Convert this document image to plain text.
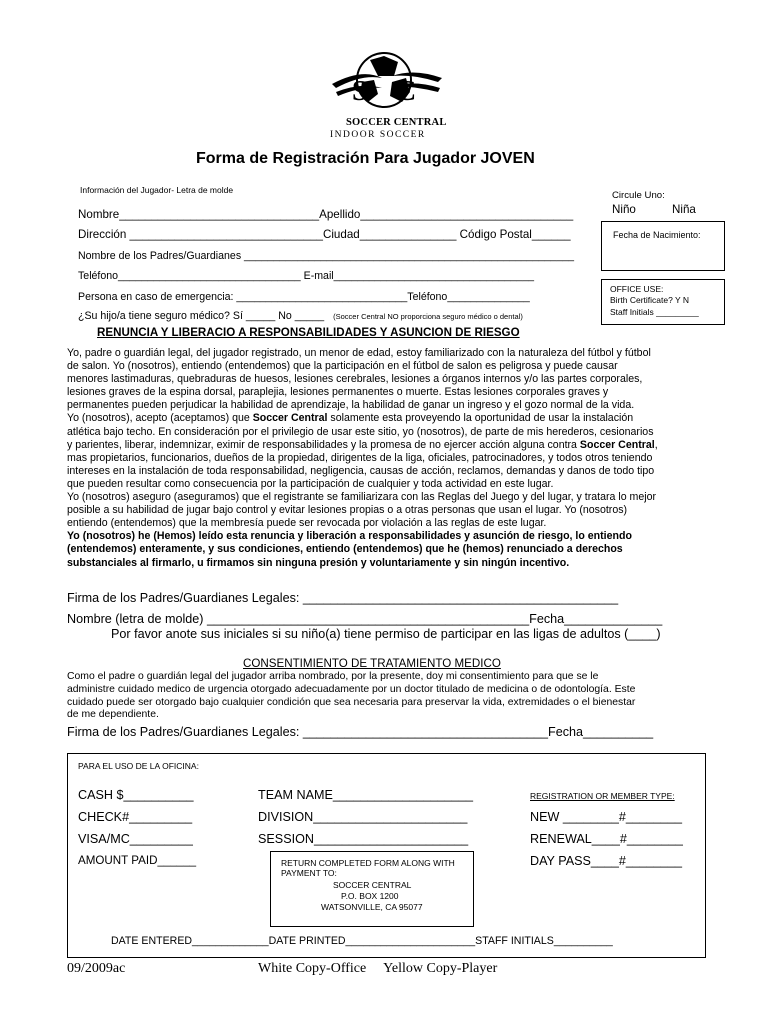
S C
SOCCER CENTRAL
INDOOR SOCCER
Forma de Registración Para Jugador JOVEN
Información del Jugador- Letra de molde
Nombre_______________________________Apellido_________________________________
Dirección ______________________________Ciudad_______________ Código Postal______
Nombre de los Padres/Guardianes ________________________________________________________
Teléfono_______________________________ E-mail__________________________________
Persona en caso de emergencia: _____________________________Teléfono______________
¿Su hijo/a tiene seguro médico? Sí _____ No _____ (Soccer Central NO proporciona seguro médico o dental)
Circule Uno:
Niño	Niña
Fecha de Nacimiento:
OFFICE USE:
Birth Certificate? Y N
Staff Initials _________
RENUNCIA Y LIBERACIO A RESPONSABILIDADES Y ASUNCION DE RIESGO

Yo, padre o guardián legal, del jugador registrado, un menor de edad, estoy familiarizado con la naturaleza del fútbol y fútbol

de salon. Yo (nosotros), entiendo (entendemos) que la participación en el fútbol de salon es peligrosa y puede causar

menores lastimaduras, quebraduras de huesos, lesiones cerebrales, lesiones a órganos internos y/o las partes corporales,

lesiones graves de la espina dorsal, paraplejia, lesiones permanentes o muerte. Estas lesiones corporales graves y

permanentes pueden perjudicar la habilidad de aprendizaje, la habilidad de ganar un ingreso y el gozo normal de la vida.

Yo (nosotros), acepto (aceptamos) que Soccer Central solamente esta proveyendo la oportunidad de usar la instalación

atlética bajo techo. En consideración por el privilegio de usar este sitio, yo (nosotros), de parte de mis herederos, cesionarios

y parientes, liberar, indemnizar, eximir de responsabilidades y la promesa de no ejercer acción alguna contra Soccer Central,

mas propietarios, funcionarios, dueños de la propiedad, dirigentes de la liga, oficiales, patrocinadores, y todos otros teniendo

intereses en la instalación de toda responsabilidad, negligencia, causas de acción, reclamos, demandas y danos de todo tipo

que pueden resultar como consecuencia por la participación de cualquier y toda actividad en este lugar.

Yo (nosotros) aseguro (aseguramos) que el registrante se familiarizara con las Reglas del Juego y del lugar, y tratara lo mejor

posible a su habilidad de jugar bajo control y evitar lesiones propias o a otras personas que usan el lugar. Yo (nosotros)

entiendo (entendemos) que la membresía puede ser revocada por violación a las reglas de este lugar.

Yo (nosotros) he (Hemos) leído esta renuncia y liberación a responsabilidades y asunción de riesgo, lo entiendo

(entendemos) enteramente, y sus condiciones, entiendo (entendemos) que he (hemos) renunciado a derechos

substanciales al firmarlo, u firmamos sin ninguna presión y voluntariamente y sin ningún incentivo.

Firma de los Padres/Guardianes Legales: _____________________________________________
Nombre (letra de molde) ______________________________________________Fecha______________
Por favor anote sus iniciales si su niño(a) tiene permiso de participar en las ligas de adultos (____)
CONSENTIMIENTO DE TRATAMIENTO MEDICO

Como el padre o guardián legal del jugador arriba nombrado, por la presente, doy mi consentimiento para que se le

administre cuidado medico de urgencia otorgado adecuadamente por un doctor titulado de medicina o de odontología. Este

cuidado puede ser otorgado bajo cualquier condición que sea necesaria para preservar la vida, extremidades o el bienestar

de me dependiente.

Firma de los Padres/Guardianes Legales: ___________________________________Fecha__________
PARA EL USO DE LA OFICINA:
CASH $__________
CHECK#_________
VISA/MC_________
AMOUNT PAID______
TEAM NAME____________________
DIVISION______________________
SESSION______________________
REGISTRATION OR MEMBER TYPE:
NEW ________#________
RENEWAL____#________
DAY PASS____#________
RETURN COMPLETED FORM ALONG WITH
PAYMENT TO:
SOCCER CENTRAL
P.O. BOX 1200
WATSONVILLE, CA 95077
DATE ENTERED_____________DATE PRINTED______________________STAFF INITIALS__________
09/2009ac	White Copy-Office     Yellow Copy-Player
